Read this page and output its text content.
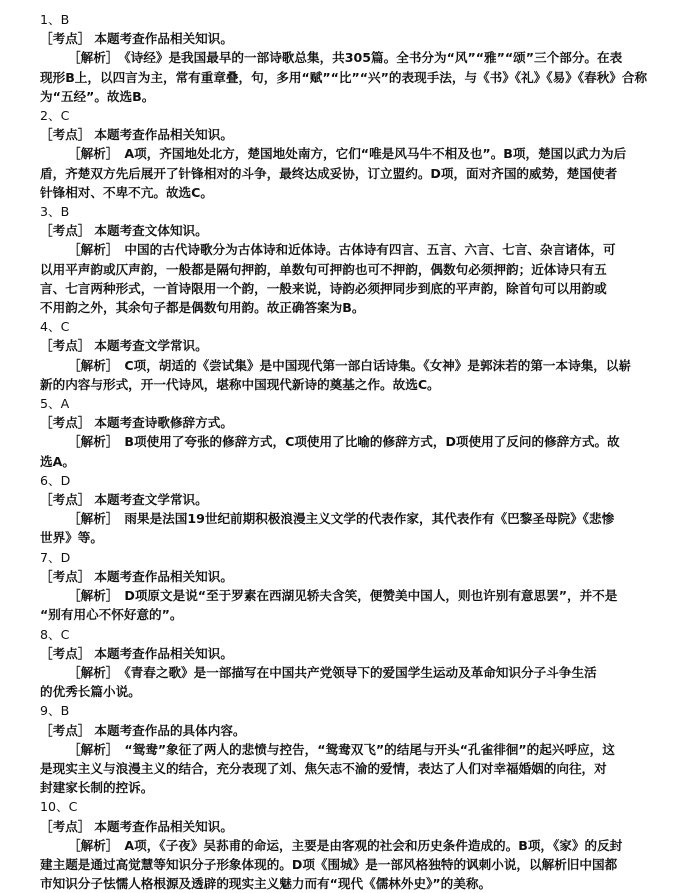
1、B
［考点］ 本题考查作品相关知识。
［解析］ 《诗经》是我国最早的一部诗歌总集，共305篇。全书分为“风”“雅”“颂”三个部分。在表
现形B上，以四言为主，常有重章叠，句，多用“赋”“比”“兴”的表现手法，与《书》《礼》《易》《春秋》合称
为“五经”。故选B。
2、C
［考点］ 本题考查作品相关知识。
［解析］ A项，齐国地处北方，楚国地处南方，它们“唯是风马牛不相及也”。B项，楚国以武力为后
盾，齐楚双方先后展开了针锋相对的斗争，最终达成妥协，订立盟约。D项，面对齐国的威势，楚国使者
针锋相对、不卑不亢。故选C。
3、B
［考点］ 本题考查文体知识。
［解析］ 中国的古代诗歌分为古体诗和近体诗。古体诗有四言、五言、六言、七言、杂言诸体，可
以用平声韵或仄声韵，一般都是隔句押韵，单数句可押韵也可不押韵，偶数句必须押韵；近体诗只有五
言、七言两种形式，一首诗限用一个韵，一般来说，诗韵必须押同步到底的平声韵，除首句可以用韵或
不用韵之外，其余句子都是偶数句用韵。故正确答案为B。
4、C
［考点］ 本题考查文学常识。
［解析］ C项，胡适的《尝试集》是中国现代第一部白话诗集。《女神》是郭沫若的第一本诗集，以崭
新的内容与形式，开一代诗风，堪称中国现代新诗的奠基之作。故选C。
5、A
［考点］ 本题考查诗歌修辞方式。
［解析］ B项使用了夸张的修辞方式，C项使用了比喻的修辞方式，D项使用了反问的修辞方式。故
选A。
6、D
［考点］ 本题考查文学常识。
［解析］ 雨果是法国19世纪前期积极浪漫主义文学的代表作家，其代表作有《巴黎圣母院》《悲惨
世界》等。
7、D
［考点］ 本题考查作品相关知识。
［解析］ D项原文是说“至于罗素在西湖见轿夫含笑，便赞美中国人，则也许别有意思罢”，并不是
“别有用心不怀好意的”。
8、C
［考点］ 本题考查作品相关知识。
［解析］ 《青春之歌》是一部描写在中国共产党领导下的爱国学生运动及革命知识分子斗争生活
的优秀长篇小说。
9、B
［考点］ 本题考查作品的具体内容。
［解析］ “鸳鸯”象征了两人的悲愤与控告，“鸳鸯双飞”的结尾与开头“孔雀徘徊”的起兴呼应，这
是现实主义与浪漫主义的结合，充分表现了刘、焦矢志不渝的爱情，表达了人们对幸福婚姻的向往，对
封建家长制的控诉。
10、C
［考点］ 本题考查作品相关知识。
［解析］ A项，《子夜》吴荪甫的命运，主要是由客观的社会和历史条件造成的。B项，《家》的反封
建主题是通过高觉慧等知识分子形象体现的。D项《围城》是一部风格独特的讽刺小说，以解析旧中国都
市知识分子怯懦人格根源及透辟的现实主义魅力而有“现代《儒林外史》”的美称。
